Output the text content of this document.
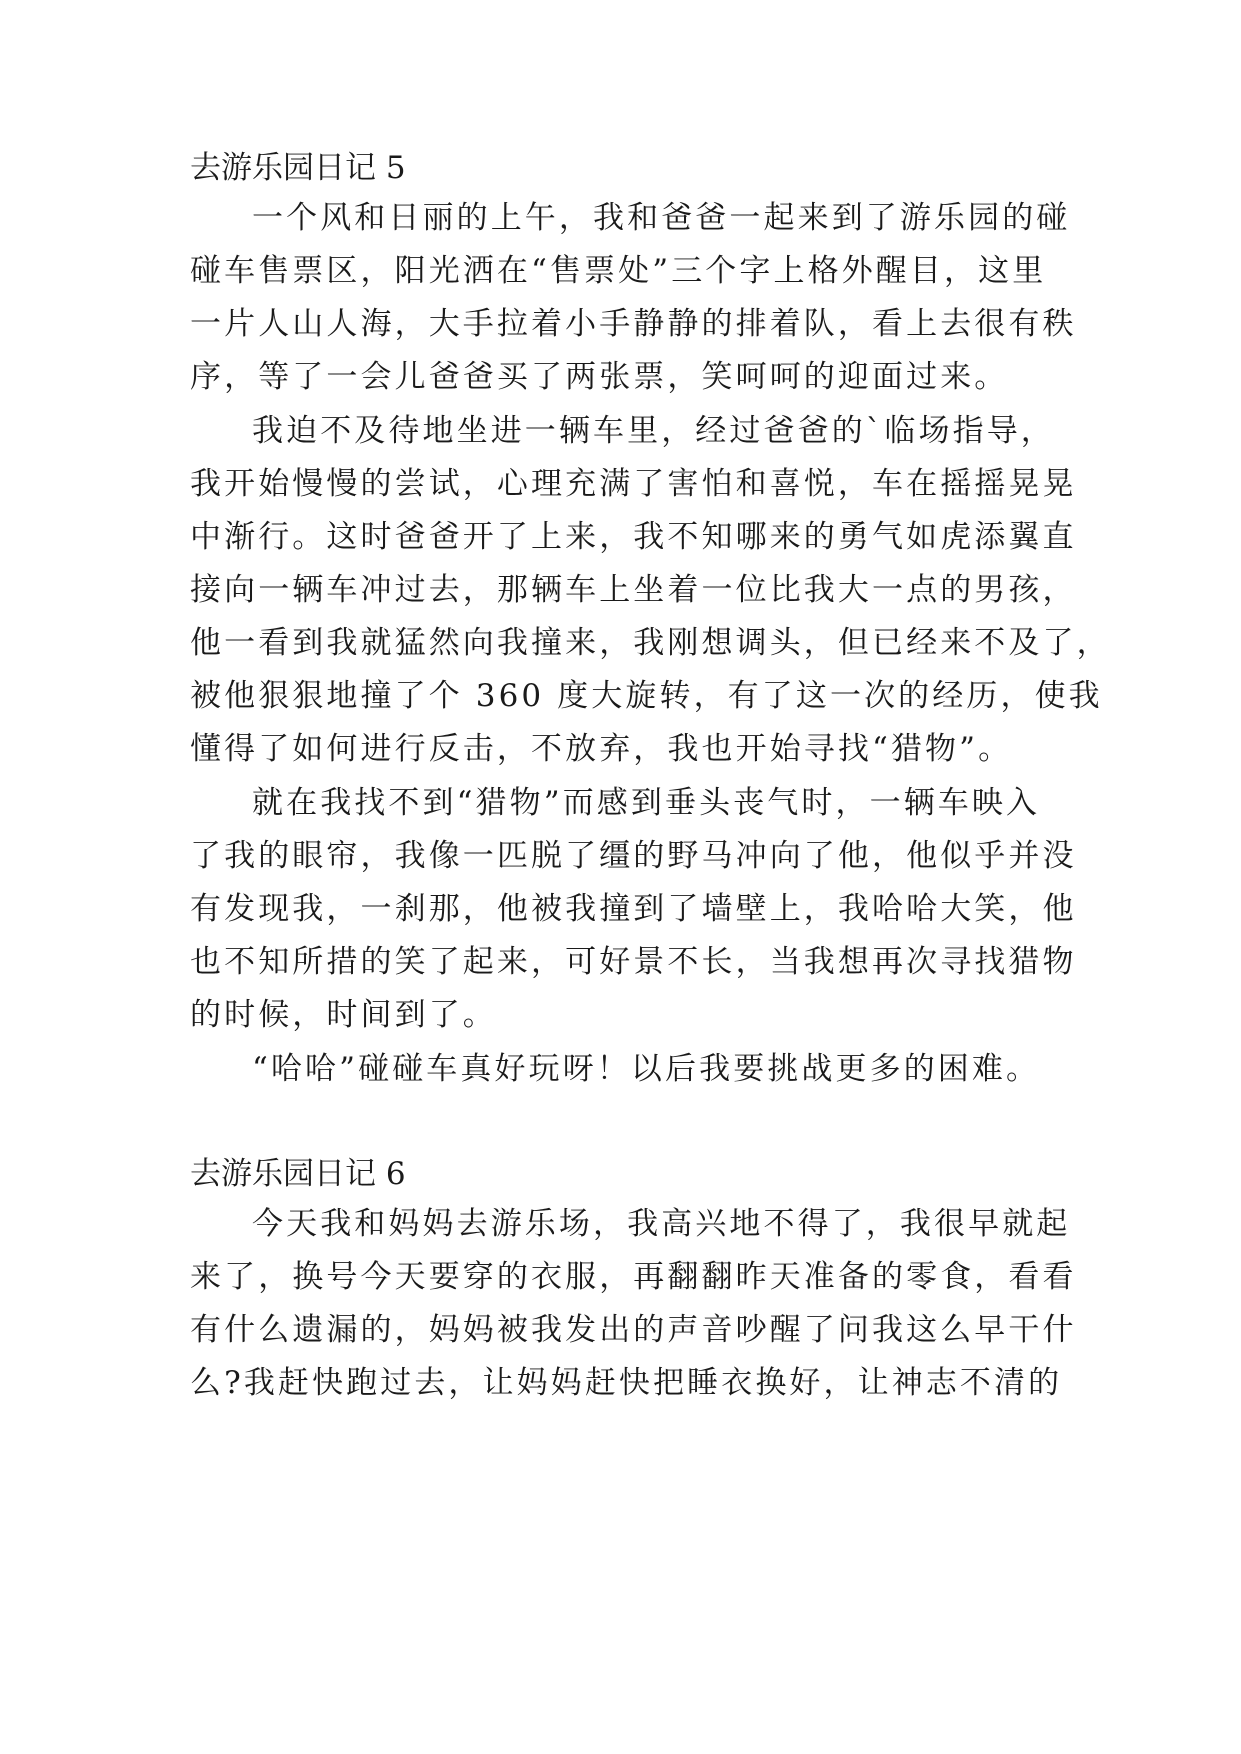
去游乐园日记 5
一个风和日丽的上午，我和爸爸一起来到了游乐园的碰
碰车售票区，阳光洒在“售票处”三个字上格外醒目，这里
一片人山人海，大手拉着小手静静的排着队，看上去很有秩
序，等了一会儿爸爸买了两张票，笑呵呵的迎面过来。
我迫不及待地坐进一辆车里，经过爸爸的`临场指导，
我开始慢慢的尝试，心理充满了害怕和喜悦，车在摇摇晃晃
中渐行。这时爸爸开了上来，我不知哪来的勇气如虎添翼直
接向一辆车冲过去，那辆车上坐着一位比我大一点的男孩，
他一看到我就猛然向我撞来，我刚想调头，但已经来不及了，
被他狠狠地撞了个 360 度大旋转，有了这一次的经历，使我
懂得了如何进行反击，不放弃，我也开始寻找“猎物”。
就在我找不到“猎物”而感到垂头丧气时，一辆车映入
了我的眼帘，我像一匹脱了缰的野马冲向了他，他似乎并没
有发现我，一刹那，他被我撞到了墙壁上，我哈哈大笑，他
也不知所措的笑了起来，可好景不长，当我想再次寻找猎物
的时候，时间到了。
“哈哈”碰碰车真好玩呀！以后我要挑战更多的困难。
去游乐园日记 6
今天我和妈妈去游乐场，我高兴地不得了，我很早就起
来了，换号今天要穿的衣服，再翻翻昨天准备的零食，看看
有什么遗漏的，妈妈被我发出的声音吵醒了问我这么早干什
么?我赶快跑过去，让妈妈赶快把睡衣换好，让神志不清的
